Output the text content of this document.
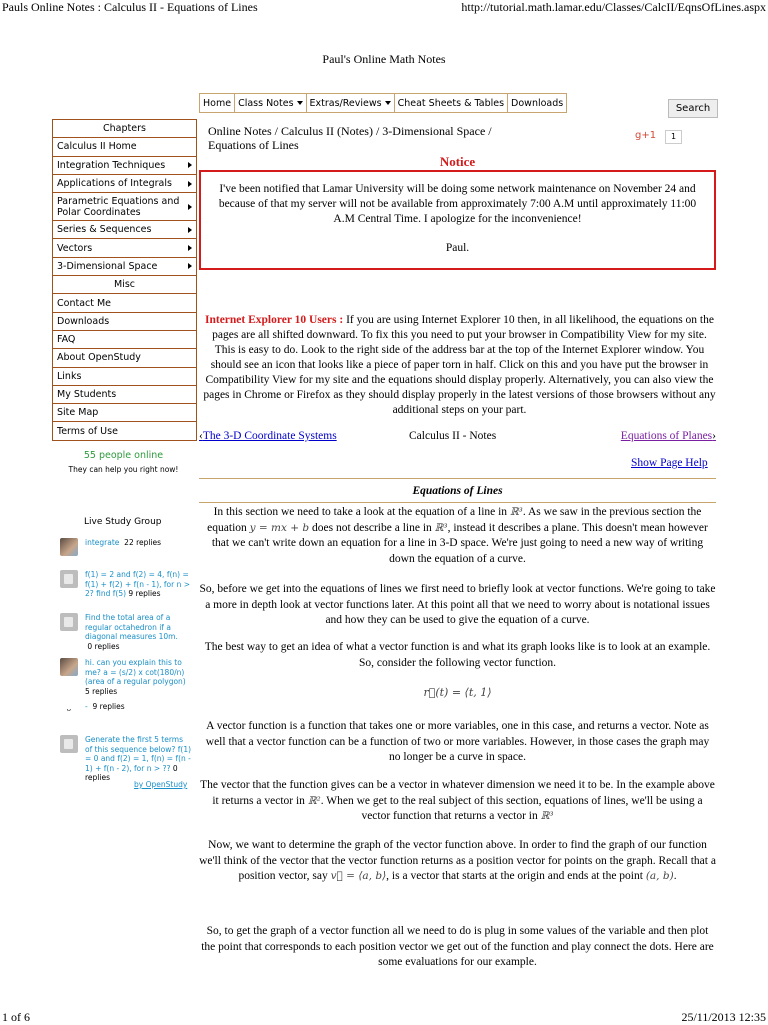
Pauls Online Notes : Calculus II - Equations of Lines	http://tutorial.math.lamar.edu/Classes/CalcII/EqnsOfLines.aspx
Paul's Online Math Notes
Home Class Notes Extras/Reviews Cheat Sheets & Tables Downloads	Search
Chapters
Calculus II Home
Integration Techniques
Applications of Integrals
Parametric Equations and Polar Coordinates
Series & Sequences
Vectors
3-Dimensional Space
Misc
Contact Me
Downloads
FAQ
About OpenStudy
Links
My Students
Site Map
Terms of Use
55 people online
They can help you right now!
Live Study Group
integrate 22 replies
f(1) = 2 and f(2) = 4, f(n) = f(1) + f(2) + f(n - 1), for n > 2? find f(5) 9 replies
Find the total area of a regular octahedron if a diagonal measures 10m.
0 replies
hi. can you explain this to me? a = (s/2) x cot(180/n) (area of a regular polygon) 5 replies
ᵕ	- 9 replies
Generate the first 5 terms of this sequence below? f(1) = 0 and f(2) = 1, f(n) = f(n - 1) + f(n - 2), for n > ?? 0 replies
by OpenStudy
Online Notes / Calculus II (Notes) / 3-Dimensional Space / Equations of Lines
g+1	1
Notice
I've been notified that Lamar University will be doing some network maintenance on November 24 and because of that my server will not be available from approximately 7:00 A.M until approximately 11:00 A.M Central Time. I apologize for the inconvenience!
Paul.
Internet Explorer 10 Users : If you are using Internet Explorer 10 then, in all likelihood, the equations on the pages are all shifted downward. To fix this you need to put your browser in Compatibility View for my site. This is easy to do. Look to the right side of the address bar at the top of the Internet Explorer window. You should see an icon that looks like a piece of paper torn in half. Click on this and you have put the browser in Compatibility View for my site and the equations should display properly. Alternatively, you can also view the pages in Chrome or Firefox as they should display properly in the latest versions of those browsers without any additional steps on your part.
‹The 3-D Coordinate Systems	Calculus II - Notes	Equations of Planes›
Show Page Help
Equations of Lines
In this section we need to take a look at the equation of a line in ℝ³. As we saw in the previous section the equation y = mx + b does not describe a line in ℝ³, instead it describes a plane. This doesn't mean however that we can't write down an equation for a line in 3-D space. We're just going to need a new way of writing down the equation of a curve.
So, before we get into the equations of lines we first need to briefly look at vector functions. We're going to take a more in depth look at vector functions later. At this point all that we need to worry about is notational issues and how they can be used to give the equation of a curve.
The best way to get an idea of what a vector function is and what its graph looks like is to look at an example. So, consider the following vector function.
r⃗(t) = ⟨t, 1⟩
A vector function is a function that takes one or more variables, one in this case, and returns a vector. Note as well that a vector function can be a function of two or more variables. However, in those cases the graph may no longer be a curve in space.
The vector that the function gives can be a vector in whatever dimension we need it to be. In the example above it returns a vector in ℝ². When we get to the real subject of this section, equations of lines, we'll be using a vector function that returns a vector in ℝ³
Now, we want to determine the graph of the vector function above. In order to find the graph of our function we'll think of the vector that the vector function returns as a position vector for points on the graph. Recall that a position vector, say v⃗ = ⟨a, b⟩, is a vector that starts at the origin and ends at the point (a, b).
So, to get the graph of a vector function all we need to do is plug in some values of the variable and then plot the point that corresponds to each position vector we get out of the function and play connect the dots. Here are some evaluations for our example.
1 of 6	25/11/2013 12:35
